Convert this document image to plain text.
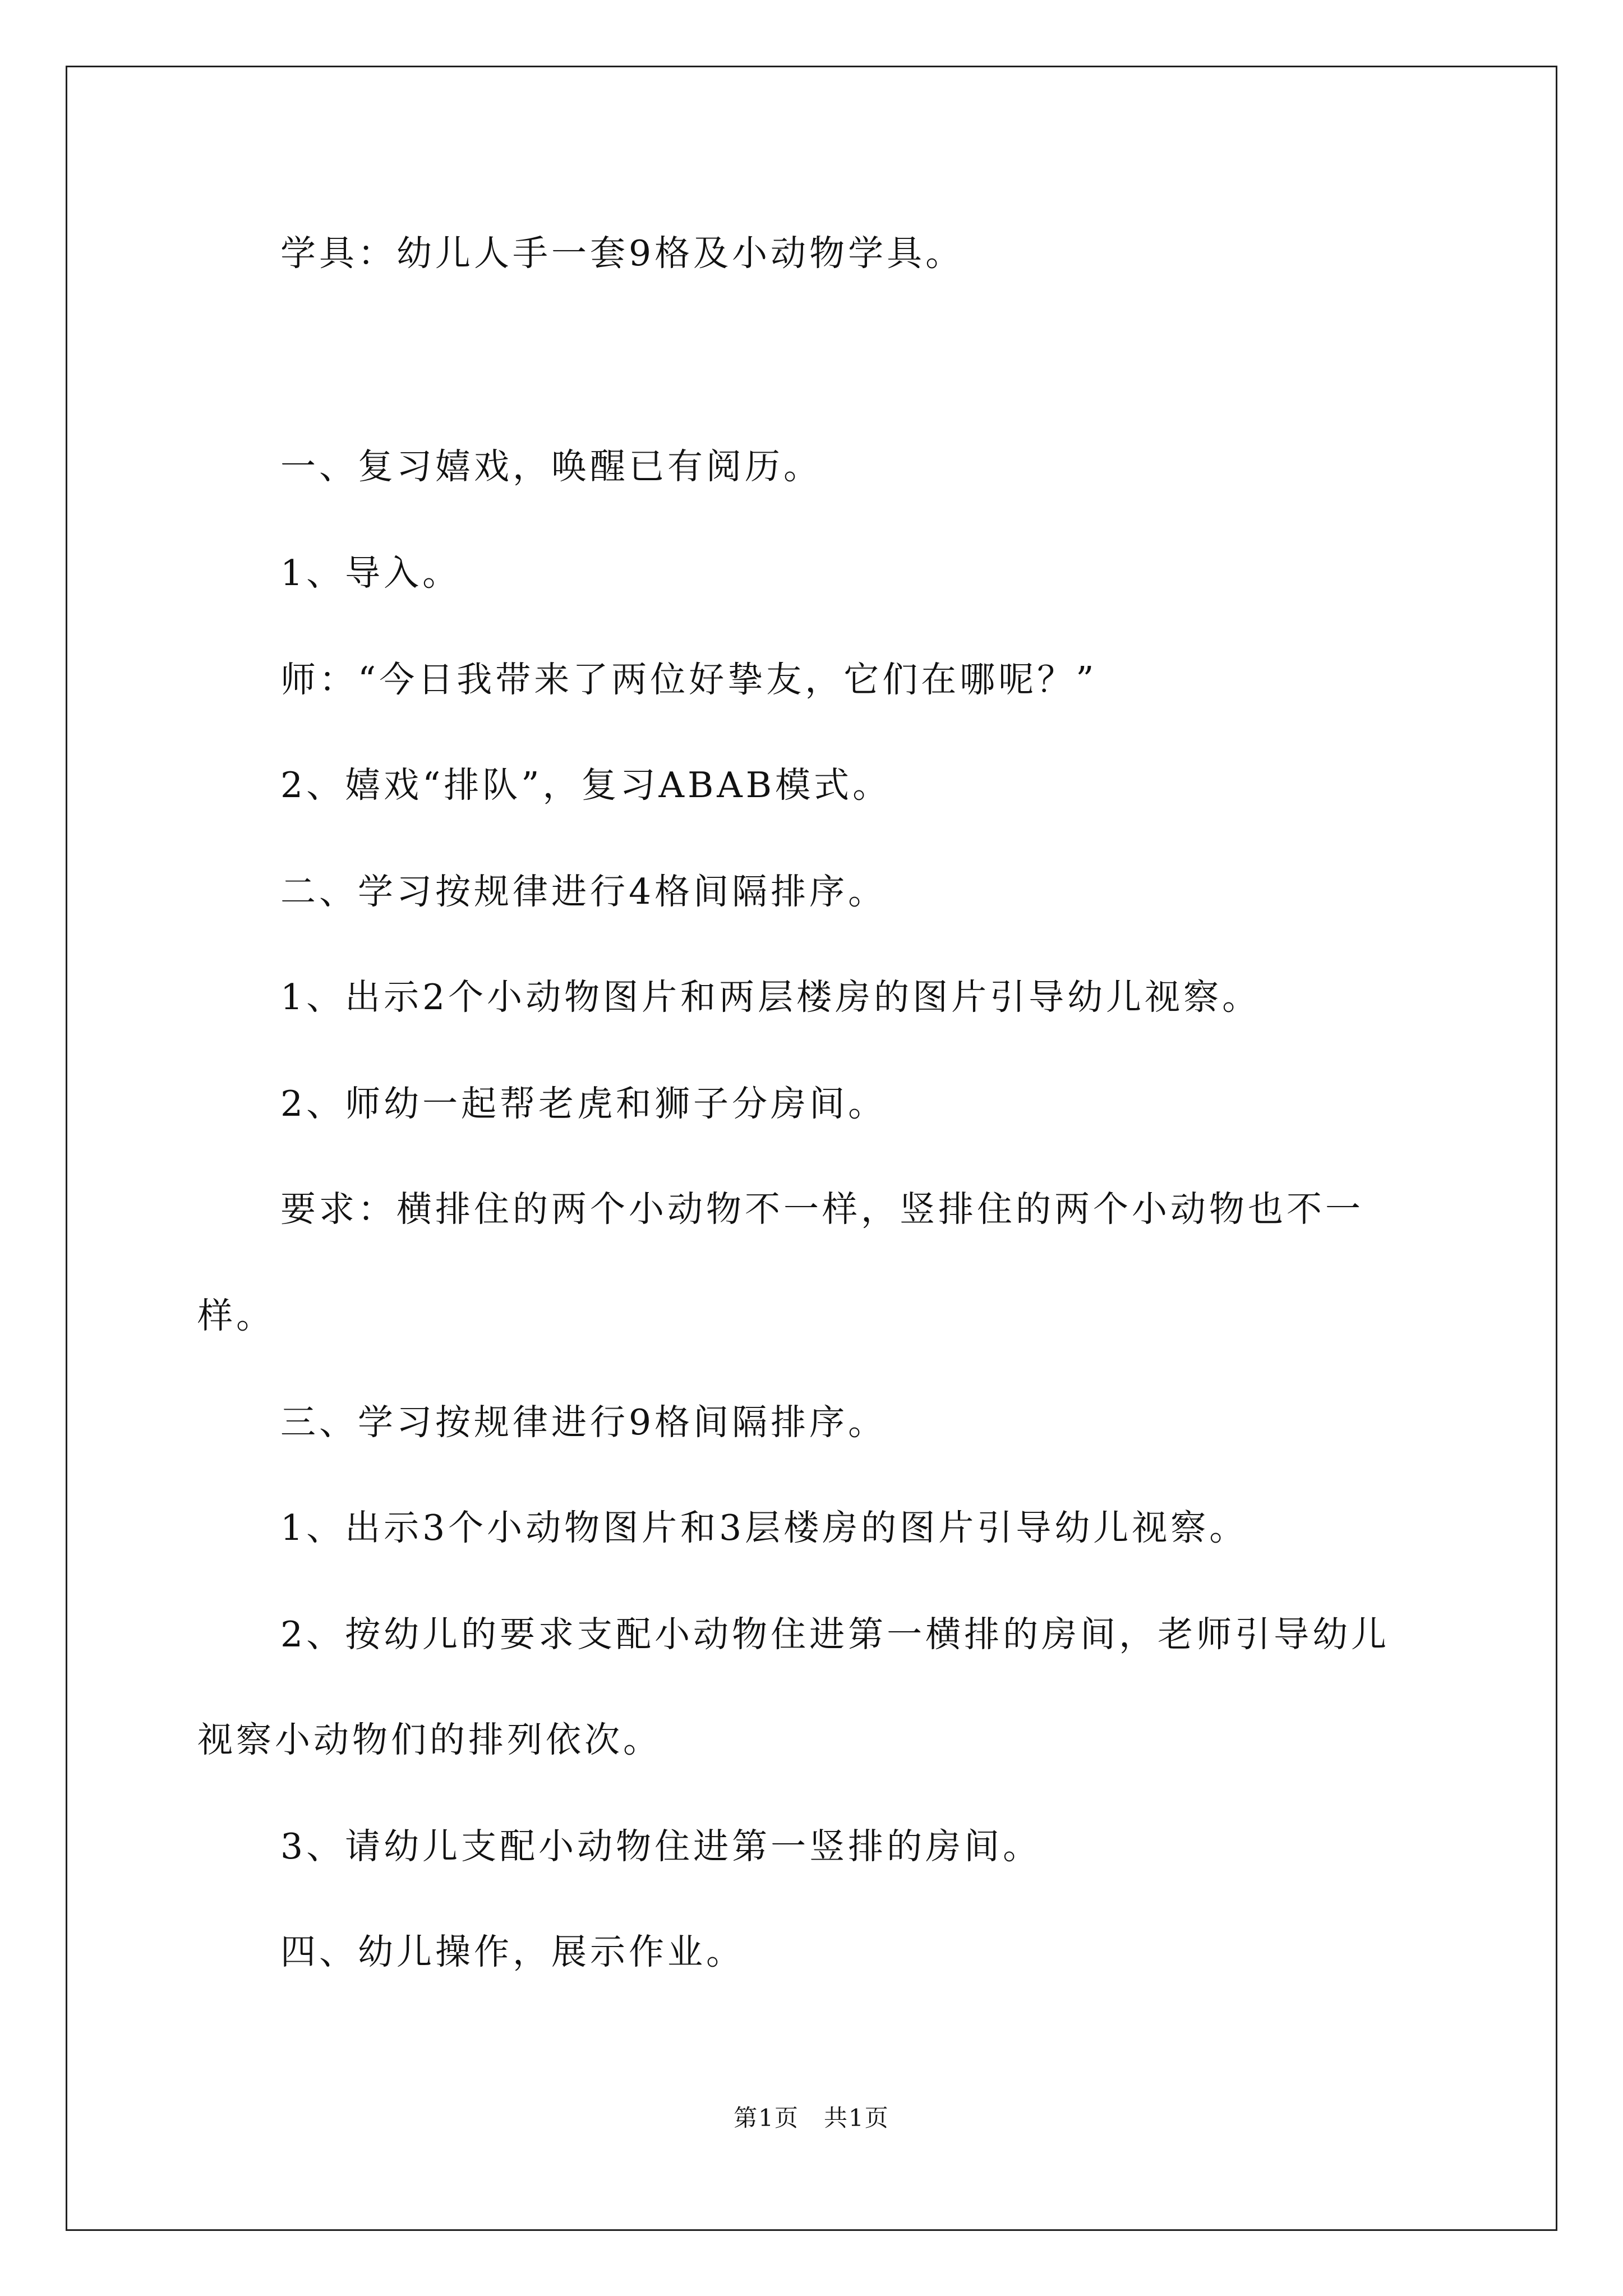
学具：幼儿人手一套9格及小动物学具。
一、复习嬉戏，唤醒已有阅历。
1、导入。
师：“今日我带来了两位好挚友，它们在哪呢？”
2、嬉戏“排队”，复习ABAB模式。
二、学习按规律进行4格间隔排序。
1、出示2个小动物图片和两层楼房的图片引导幼儿视察。
2、师幼一起帮老虎和狮子分房间。
要求：横排住的两个小动物不一样，竖排住的两个小动物也不一
样。
三、学习按规律进行9格间隔排序。
1、出示3个小动物图片和3层楼房的图片引导幼儿视察。
2、按幼儿的要求支配小动物住进第一横排的房间，老师引导幼儿
视察小动物们的排列依次。
3、请幼儿支配小动物住进第一竖排的房间。
四、幼儿操作，展示作业。
第1页　共1页
